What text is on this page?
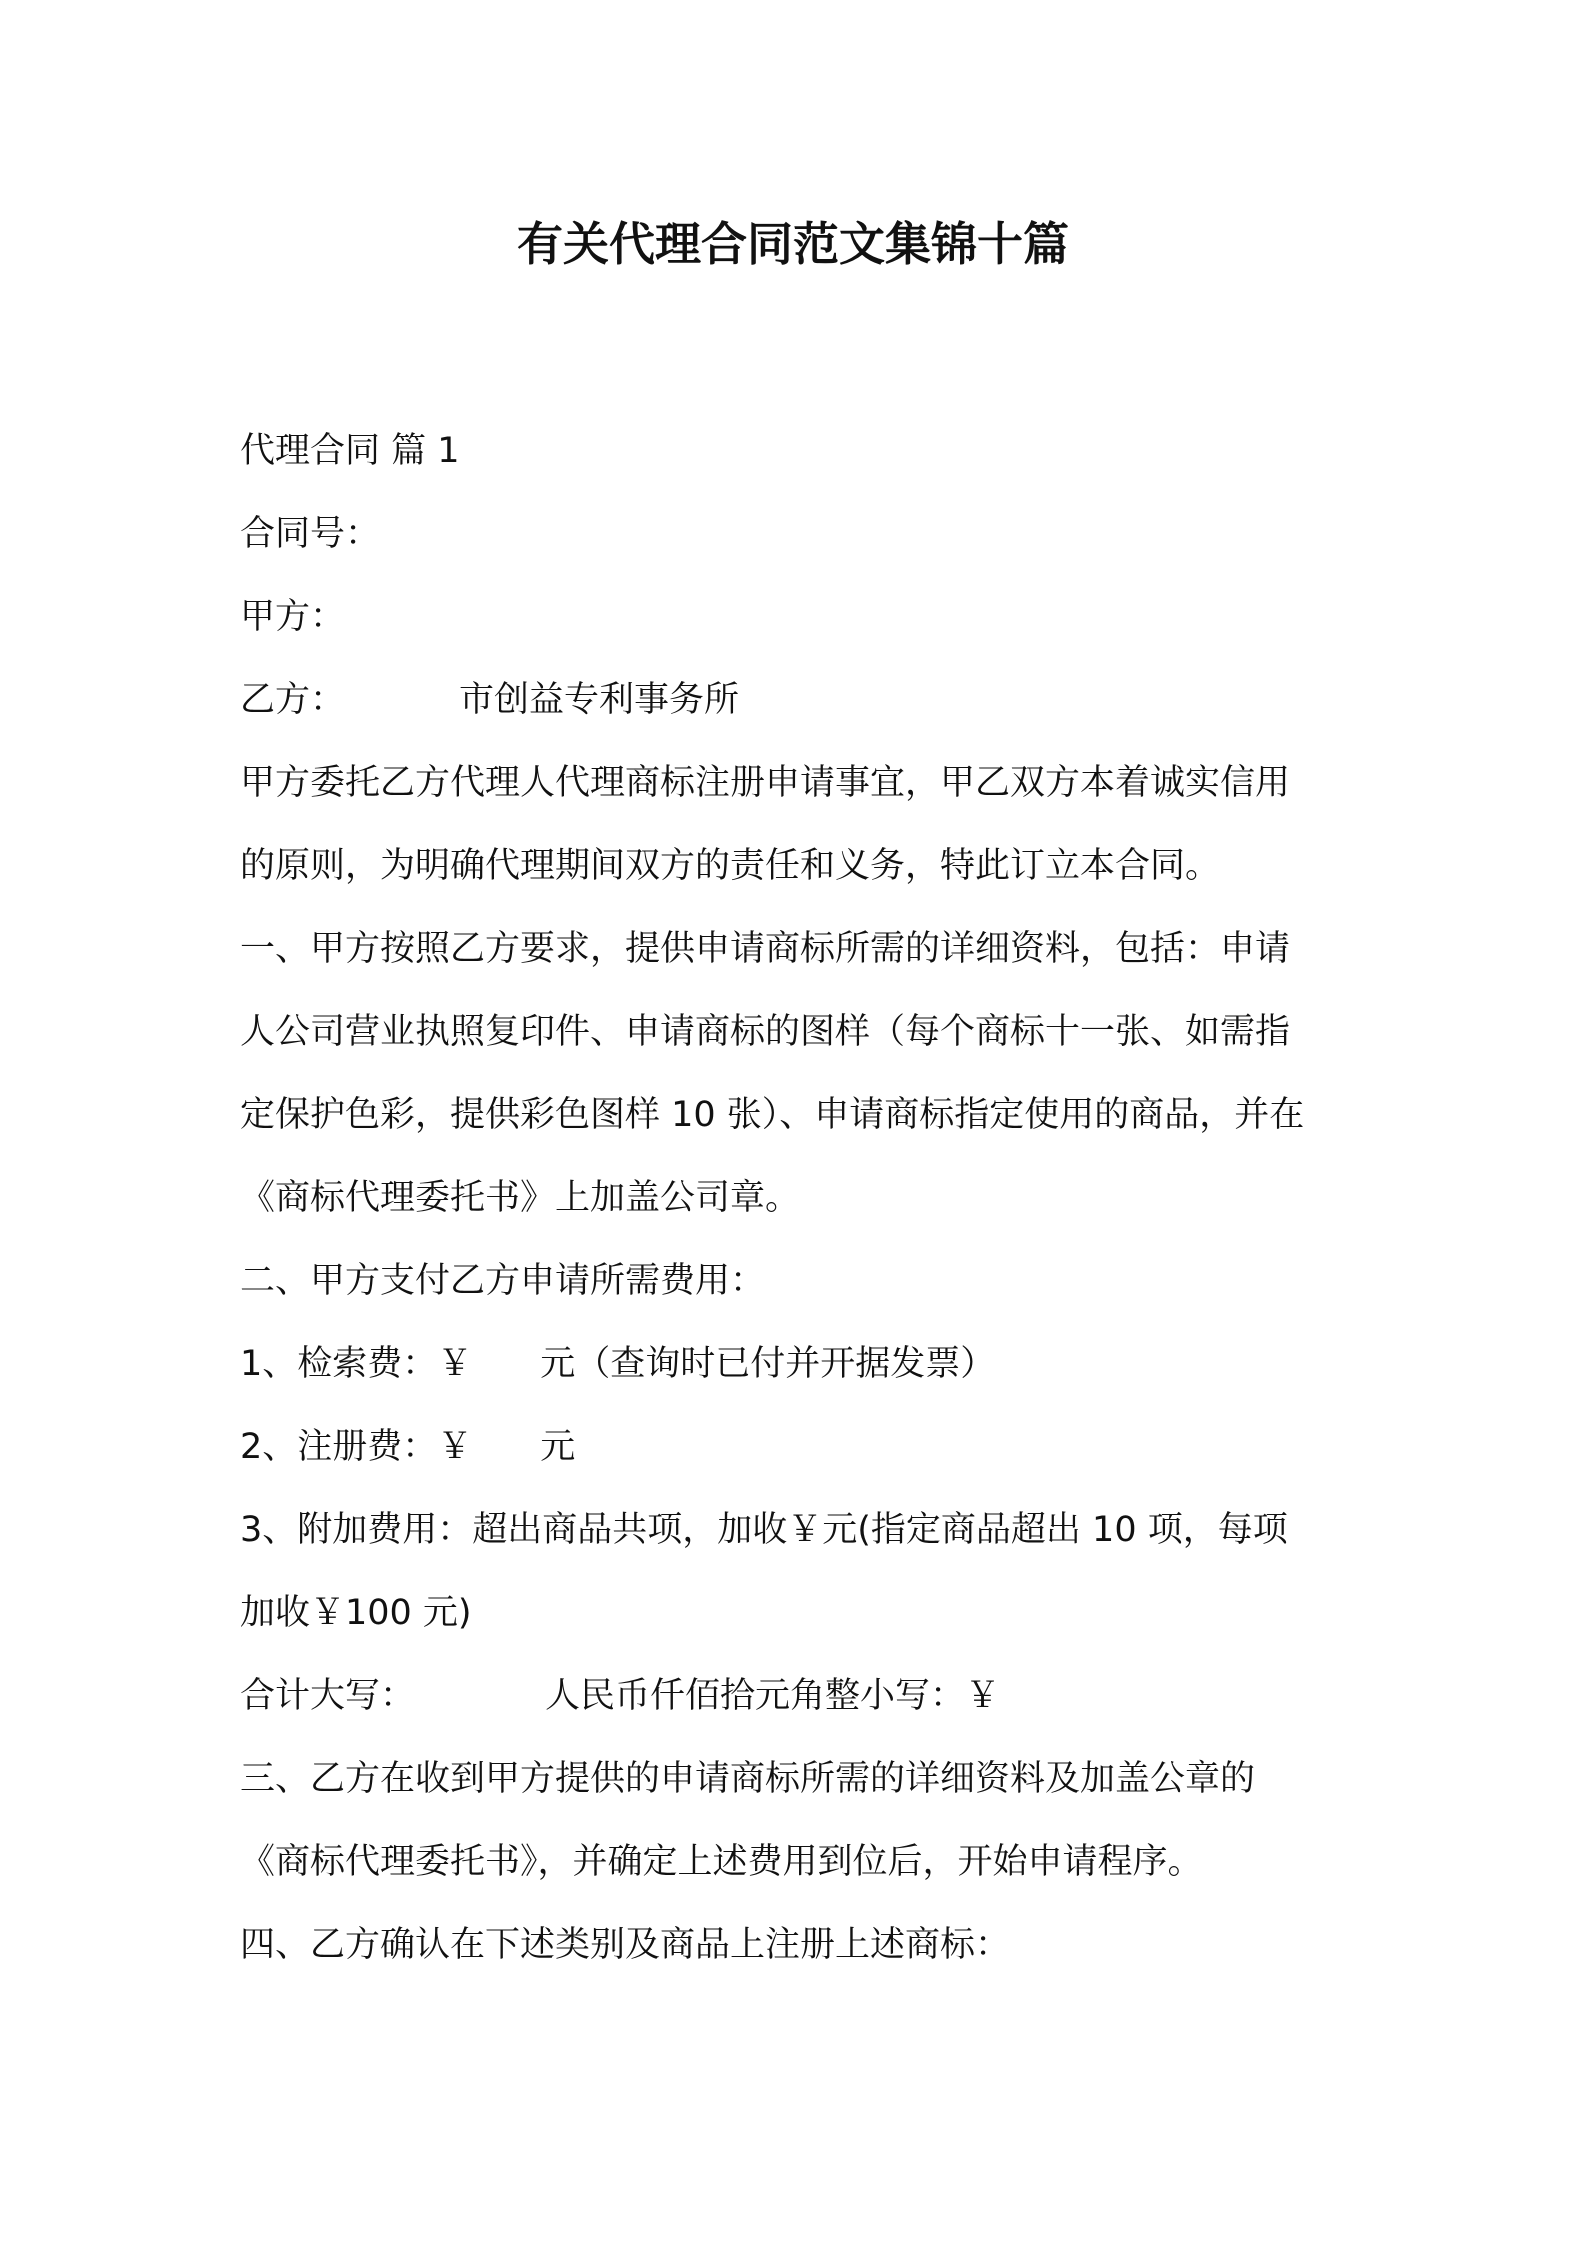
有关代理合同范文集锦十篇
代理合同 篇 1
合同号：
甲方：
乙方：	市创益专利事务所
甲方委托乙方代理人代理商标注册申请事宜，甲乙双方本着诚实信用
的原则，为明确代理期间双方的责任和义务，特此订立本合同。
一、甲方按照乙方要求，提供申请商标所需的详细资料，包括：申请
人公司营业执照复印件、申请商标的图样（每个商标十一张、如需指
定保护色彩，提供彩色图样 10 张）、申请商标指定使用的商品，并在
《商标代理委托书》上加盖公司章。
二、甲方支付乙方申请所需费用：
1、检索费：￥ 元（查询时已付并开据发票）
2、注册费：￥ 元
3、附加费用：超出商品共项，加收￥元(指定商品超出 10 项，每项
加收￥100 元)
合计大写：	人民币仟佰拾元角整小写：￥
三、乙方在收到甲方提供的申请商标所需的详细资料及加盖公章的
《商标代理委托书》，并确定上述费用到位后，开始申请程序。
四、乙方确认在下述类别及商品上注册上述商标：
